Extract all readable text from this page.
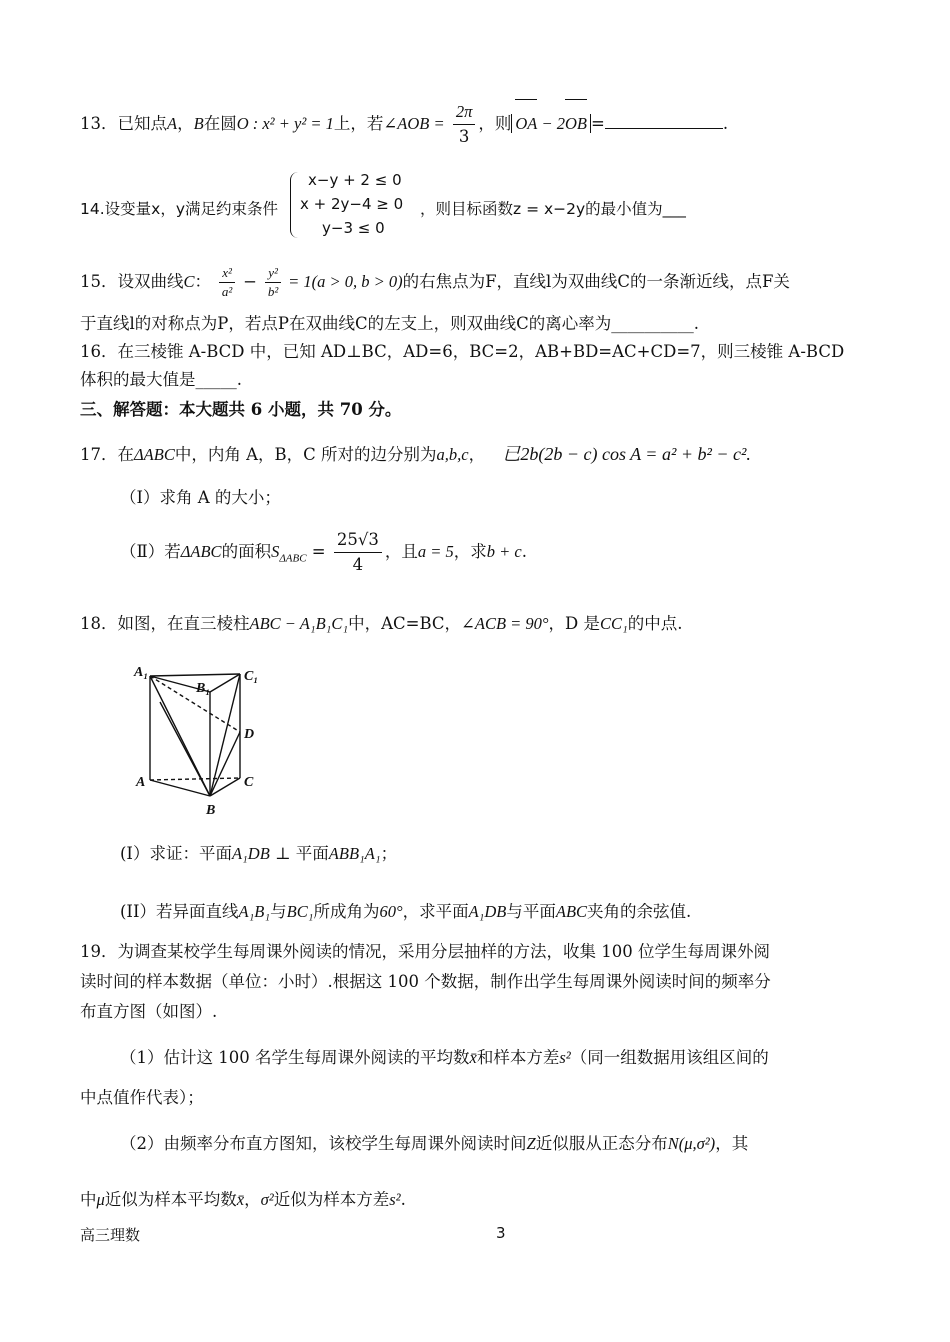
13．已知点A，B在圆O : x² + y² = 1上，若∠AOB = $\frac{2\pi}{3}$ ，则 OA − 2OB =	.
x−y + 2 ≤ 0
x + 2y−4 ≥ 0
y−3 ≤ 0
14.设变量x，y满足约束条件	，则目标函数z = x−2y的最小值为___
15．设双曲线C： $\frac{\text{x²}}{\text{a²}} - \frac{\text{y²}}{\text{b²}} = 1(a > 0$, b > 0)的右焦点为F，直线l为双曲线C的一条渐近线，点F关
于直线l的对称点为P，若点P在双曲线C的左支上，则双曲线C的离心率为__________.
16．在三棱锥 A-BCD 中，已知 AD⊥BC，AD=6，BC=2，AB+BD=AC+CD=7，则三棱锥 A-BCD
体积的最大值是_____.
三、解答题：本大题共 6 小题，共 70 分。
17．在ΔABC中，内角 A，B，C 所对的边分别为a,b,c， 已2b(2b − c) cos A = a² + b² − c².
（Ⅰ）求角 A 的大小；
（Ⅱ）若ΔABC的面积$S_{\Delta ABC} = \frac{25√3}{4}$ ，且a = 5，求b + c.
18．如图，在直三棱柱ABC − A₁B₁C₁中，AC=BC，∠ACB = 90°，D 是CC₁的中点.
A₁
B₁
C₁
D
A	C
B
(I）求证：平面A₁DB ⊥ 平面ABB₁A₁；
(II）若异面直线A₁B₁与BC₁所成角为60°，求平面A₁DB与平面ABC夹角的余弦值.
19．为调查某校学生每周课外阅读的情况，采用分层抽样的方法，收集 100 位学生每周课外阅
读时间的样本数据（单位：小时）.根据这 100 个数据，制作出学生每周课外阅读时间的频率分
布直方图（如图）.
（1）估计这 100 名学生每周课外阅读的平均数x̄和样本方差s²（同一组数据用该组区间的
中点值作代表）；
（2）由频率分布直方图知，该校学生每周课外阅读时间Z近似服从正态分布N(μ,σ²)，其
中μ近似为样本平均数x̄，σ²近似为样本方差s².
高三理数	3
